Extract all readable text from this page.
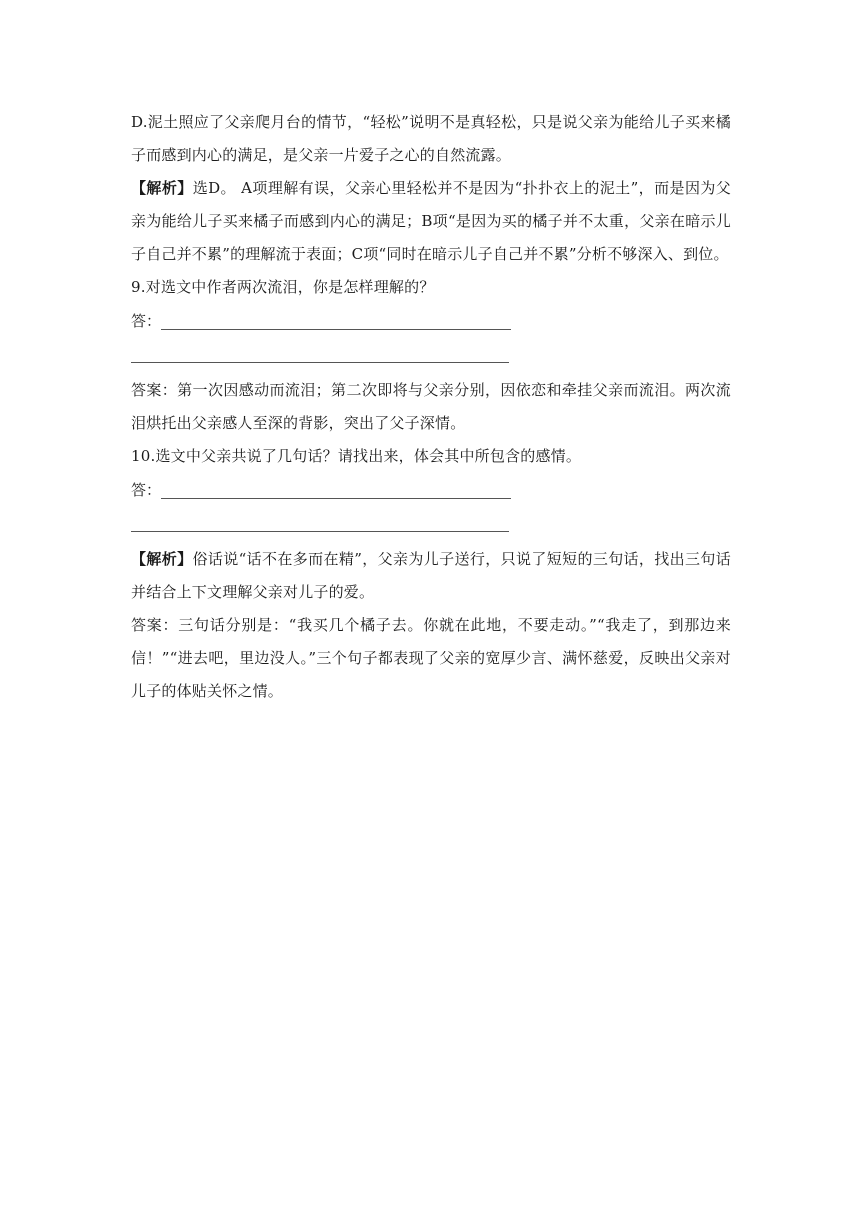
D.泥土照应了父亲爬月台的情节，“轻松”说明不是真轻松，只是说父亲为能给儿子买来橘子而感到内心的满足，是父亲一片爱子之心的自然流露。

【解析】选D。 A项理解有误，父亲心里轻松并不是因为“扑扑衣上的泥土”，而是因为父亲为能给儿子买来橘子而感到内心的满足；B项“是因为买的橘子并不太重，父亲在暗示儿子自己并不累”的理解流于表面；C项“同时在暗示儿子自己并不累”分析不够深入、到位。

9.对选文中作者两次流泪，你是怎样理解的？

答：

答案：第一次因感动而流泪；第二次即将与父亲分别，因依恋和牵挂父亲而流泪。两次流泪烘托出父亲感人至深的背影，突出了父子深情。

10.选文中父亲共说了几句话？请找出来，体会其中所包含的感情。

答：

【解析】俗话说“话不在多而在精”，父亲为儿子送行，只说了短短的三句话，找出三句话并结合上下文理解父亲对儿子的爱。

答案：三句话分别是：“我买几个橘子去。你就在此地，不要走动。”“我走了，到那边来信！”“进去吧，里边没人。”三个句子都表现了父亲的宽厚少言、满怀慈爱，反映出父亲对儿子的体贴关怀之情。
